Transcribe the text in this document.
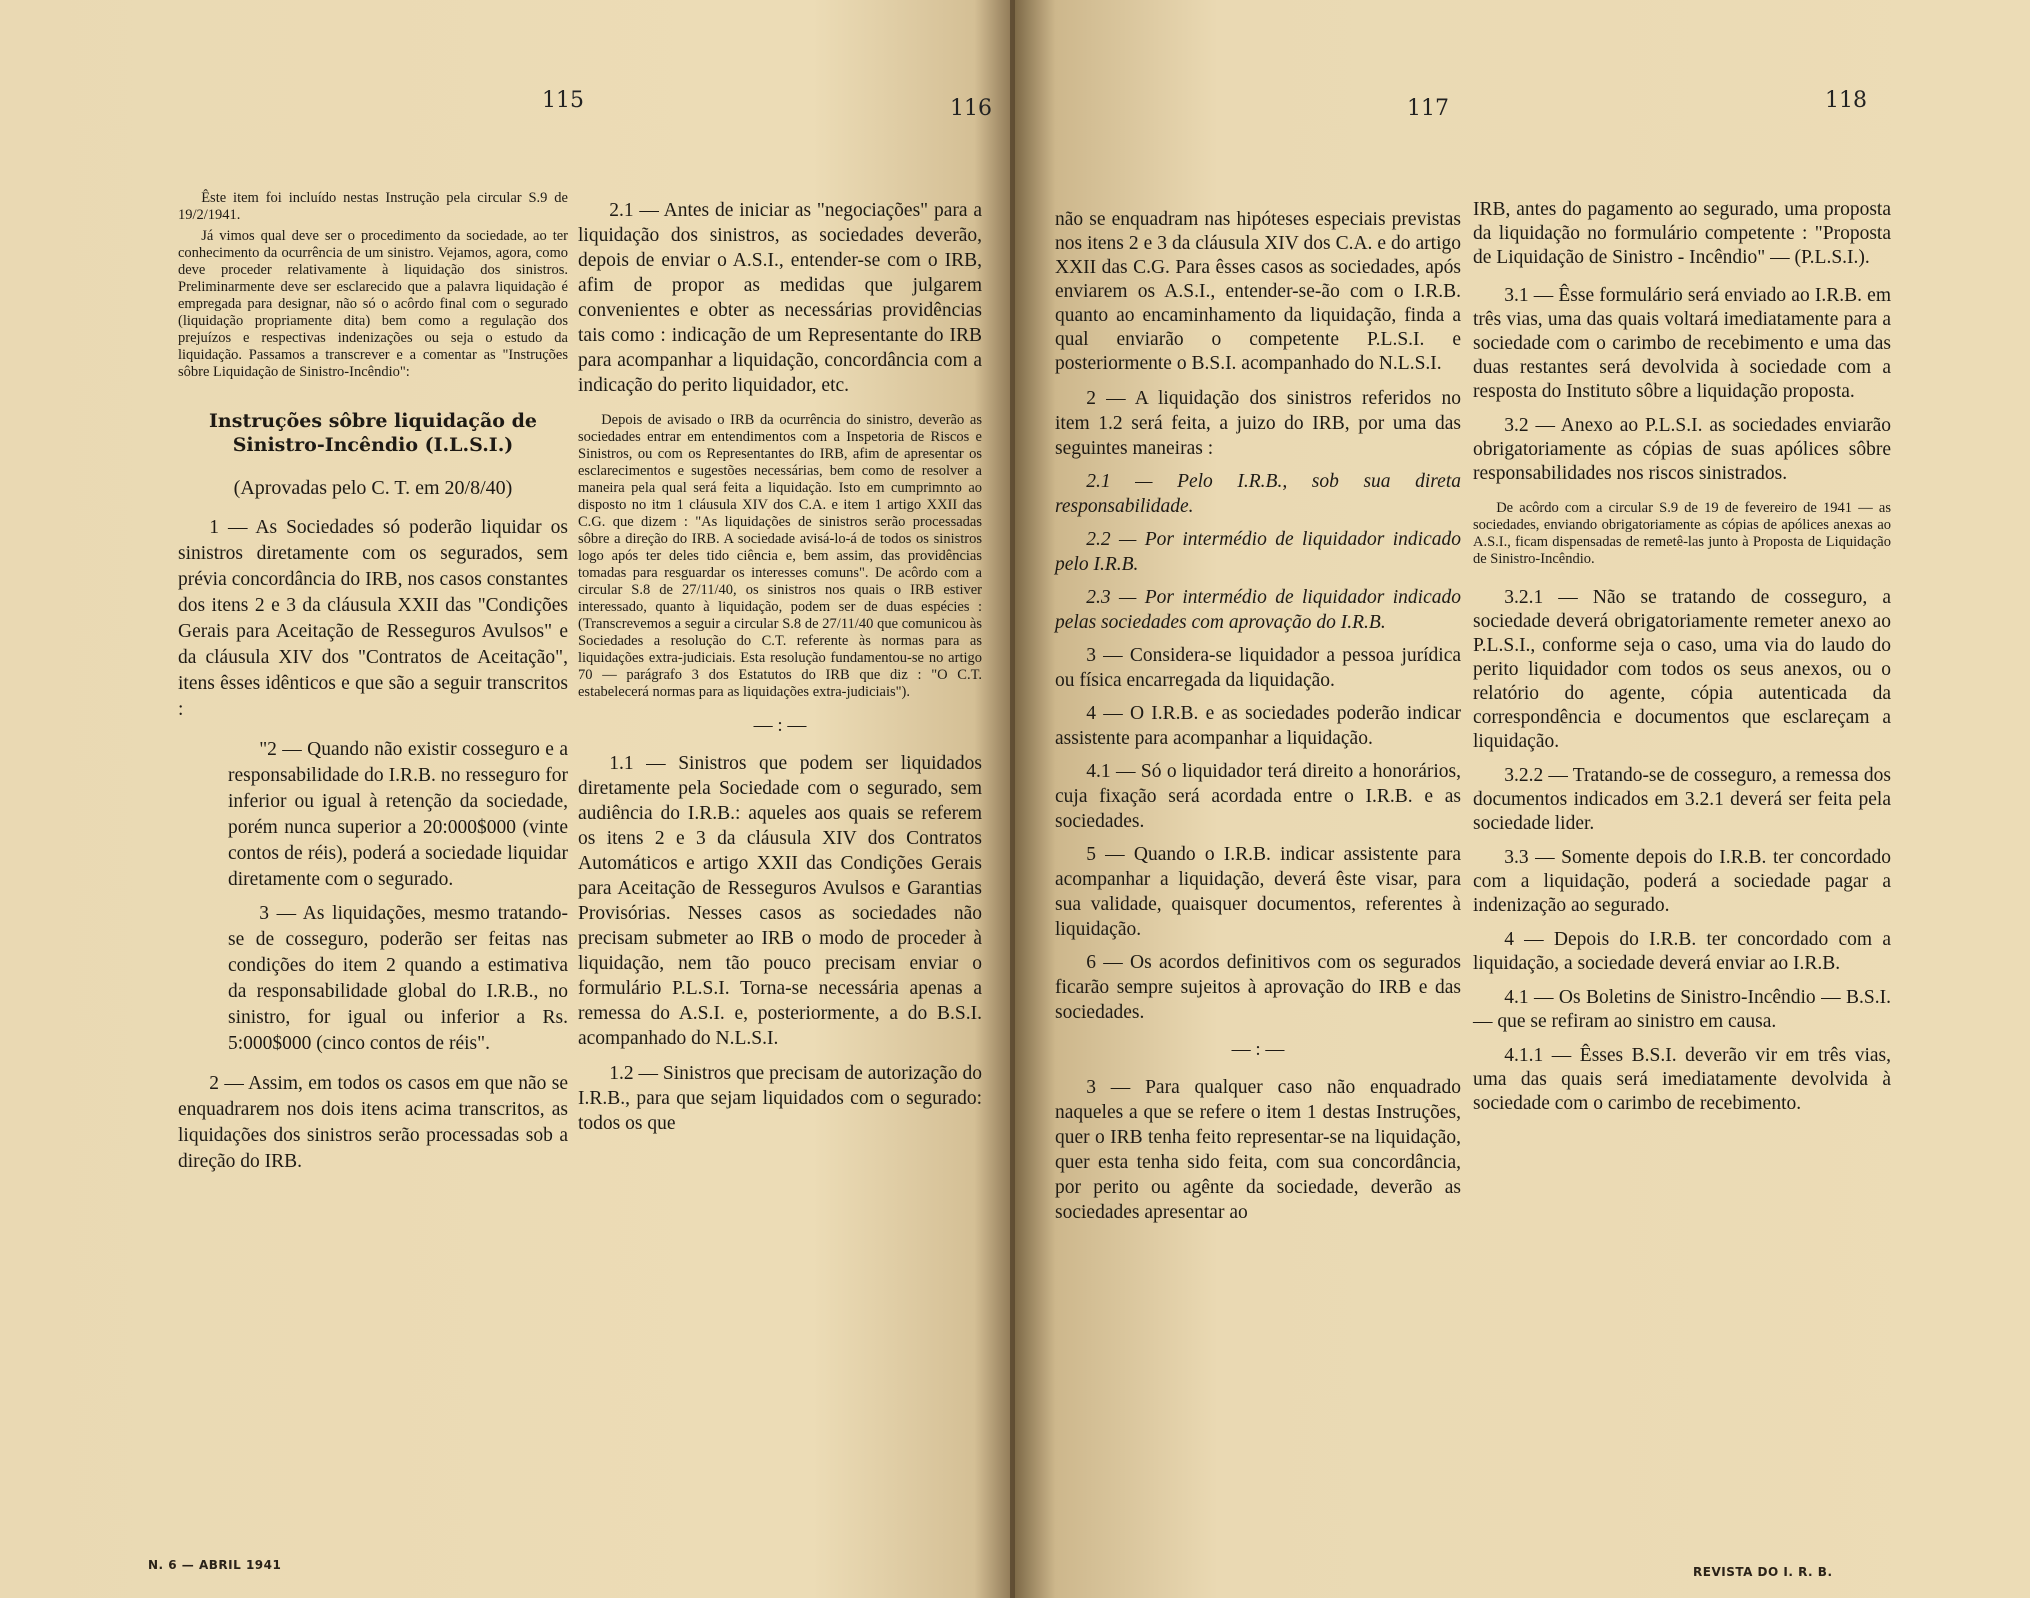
115	116

Êste item foi incluído nestas Instrução pela circular S.9 de 19/2/1941.

Já vimos qual deve ser o procedimento da sociedade, ao ter conhecimento da ocurrência de um sinistro. Vejamos, agora, como deve proceder relativamente à liquidação dos sinistros. Preliminarmente deve ser esclarecido que a palavra liquidação é empregada para designar, não só o acôrdo final com o segurado (liquidação propriamente dita) bem como a regulação dos prejuízos e respectivas indenizações ou seja o estudo da liquidação. Passamos a transcrever e a comentar as "Instruções sôbre Liquidação de Sinistro-Incêndio":

Instruções sôbre liquidação de Sinistro-Incêndio (I.L.S.I.)
(Aprovadas pelo C. T. em 20/8/40)

1 — As Sociedades só poderão liquidar os sinistros diretamente com os segurados, sem prévia concordância do IRB, nos casos constantes dos itens 2 e 3 da cláusula XXII das "Condições Gerais para Aceitação de Resseguros Avulsos" e da cláusula XIV dos "Contratos de Aceitação", itens êsses idênticos e que são a seguir transcritos :

"2 — Quando não existir cosseguro e a responsabilidade do I.R.B. no resseguro for inferior ou igual à retenção da sociedade, porém nunca superior a 20:000$000 (vinte contos de réis), poderá a sociedade liquidar diretamente com o segurado.

3 — As liquidações, mesmo tratando-se de cosseguro, poderão ser feitas nas condições do item 2 quando a estimativa da responsabilidade global do I.R.B., no sinistro, for igual ou inferior a Rs. 5:000$000 (cinco contos de réis".

2 — Assim, em todos os casos em que não se enquadrarem nos dois itens acima transcritos, as liquidações dos sinistros serão processadas sob a direção do IRB.

2.1 — Antes de iniciar as "negociações" para a liquidação dos sinistros, as sociedades deverão, depois de enviar o A.S.I., entender-se com o IRB, afim de propor as medidas que julgarem convenientes e obter as necessárias providências tais como : indicação de um Representante do IRB para acompanhar a liquidação, concordância com a indicação do perito liquidador, etc.

Depois de avisado o IRB da ocurrência do sinistro, deverão as sociedades entrar em entendimentos com a Inspetoria de Riscos e Sinistros, ou com os Representantes do IRB, afim de apresentar os esclarecimentos e sugestões necessárias, bem como de resolver a maneira pela qual será feita a liquidação. Isto em cumprimnto ao disposto no itm 1 cláusula XIV dos C.A. e item 1 artigo XXII das C.G. que dizem : "As liquidações de sinistros serão processadas sôbre a direção do IRB. A sociedade avisá-lo-á de todos os sinistros logo após ter deles tido ciência e, bem assim, das providências tomadas para resguardar os interesses comuns". De acôrdo com a circular S.8 de 27/11/40, os sinistros nos quais o IRB estiver interessado, quanto à liquidação, podem ser de duas espécies : (Transcrevemos a seguir a circular S.8 de 27/11/40 que comunicou às Sociedades a resolução do C.T. referente às normas para as liquidações extra-judiciais. Esta resolução fundamentou-se no artigo 70 — parágrafo 3 dos Estatutos do IRB que diz : "O C.T. estabelecerá normas para as liquidações extra-judiciais").

— : —

1.1 — Sinistros que podem ser liquidados diretamente pela Sociedade com o segurado, sem audiência do I.R.B.: aqueles aos quais se referem os itens 2 e 3 da cláusula XIV dos Contratos Automáticos e artigo XXII das Condições Gerais para Aceitação de Resseguros Avulsos e Garantias Provisórias. Nesses casos as sociedades não precisam submeter ao IRB o modo de proceder à liquidação, nem tão pouco precisam enviar o formulário P.L.S.I. Torna-se necessária apenas a remessa do A.S.I. e, posteriormente, a do B.S.I. acompanhado do N.L.S.I.

1.2 — Sinistros que precisam de autorização do I.R.B., para que sejam liquidados com o segurado: todos os que

N. 6 — ABRIL 1941
117	118

não se enquadram nas hipóteses especiais previstas nos itens 2 e 3 da cláusula XIV dos C.A. e do artigo XXII das C.G. Para êsses casos as sociedades, após enviarem os A.S.I., entender-se-ão com o I.R.B. quanto ao encaminhamento da liquidação, finda a qual enviarão o competente P.L.S.I. e posteriormente o B.S.I. acompanhado do N.L.S.I.

2 — A liquidação dos sinistros referidos no item 1.2 será feita, a juizo do IRB, por uma das seguintes maneiras :

2.1 — Pelo I.R.B., sob sua direta responsabilidade.

2.2 — Por intermédio de liquidador indicado pelo I.R.B.

2.3 — Por intermédio de liquidador indicado pelas sociedades com aprovação do I.R.B.

3 — Considera-se liquidador a pessoa jurídica ou física encarregada da liquidação.

4 — O I.R.B. e as sociedades poderão indicar assistente para acompanhar a liquidação.

4.1 — Só o liquidador terá direito a honorários, cuja fixação será acordada entre o I.R.B. e as sociedades.

5 — Quando o I.R.B. indicar assistente para acompanhar a liquidação, deverá êste visar, para sua validade, quaisquer documentos, referentes à liquidação.

6 — Os acordos definitivos com os segurados ficarão sempre sujeitos à aprovação do IRB e das sociedades.

— : —

3 — Para qualquer caso não enquadrado naqueles a que se refere o item 1 destas Instruções, quer o IRB tenha feito representar-se na liquidação, quer esta tenha sido feita, com sua concordância, por perito ou agênte da sociedade, deverão as sociedades apresentar ao

IRB, antes do pagamento ao segurado, uma proposta da liquidação no formulário competente : "Proposta de Liquidação de Sinistro - Incêndio" — (P.L.S.I.).

3.1 — Êsse formulário será enviado ao I.R.B. em três vias, uma das quais voltará imediatamente para a sociedade com o carimbo de recebimento e uma das duas restantes será devolvida à sociedade com a resposta do Instituto sôbre a liquidação proposta.

3.2 — Anexo ao P.L.S.I. as sociedades enviarão obrigatoriamente as cópias de suas apólices sôbre responsabilidades nos riscos sinistrados.

De acôrdo com a circular S.9 de 19 de fevereiro de 1941 — as sociedades, enviando obrigatoriamente as cópias de apólices anexas ao A.S.I., ficam dispensadas de remetê-las junto à Proposta de Liquidação de Sinistro-Incêndio.

3.2.1 — Não se tratando de cosseguro, a sociedade deverá obrigatoriamente remeter anexo ao P.L.S.I., conforme seja o caso, uma via do laudo do perito liquidador com todos os seus anexos, ou o relatório do agente, cópia autenticada da correspondência e documentos que esclareçam a liquidação.

3.2.2 — Tratando-se de cosseguro, a remessa dos documentos indicados em 3.2.1 deverá ser feita pela sociedade lider.

3.3 — Somente depois do I.R.B. ter concordado com a liquidação, poderá a sociedade pagar a indenização ao segurado.

4 — Depois do I.R.B. ter concordado com a liquidação, a sociedade deverá enviar ao I.R.B.

4.1 — Os Boletins de Sinistro-Incêndio — B.S.I. — que se refiram ao sinistro em causa.

4.1.1 — Êsses B.S.I. deverão vir em três vias, uma das quais será imediatamente devolvida à sociedade com o carimbo de recebimento.

REVISTA DO I. R. B.
